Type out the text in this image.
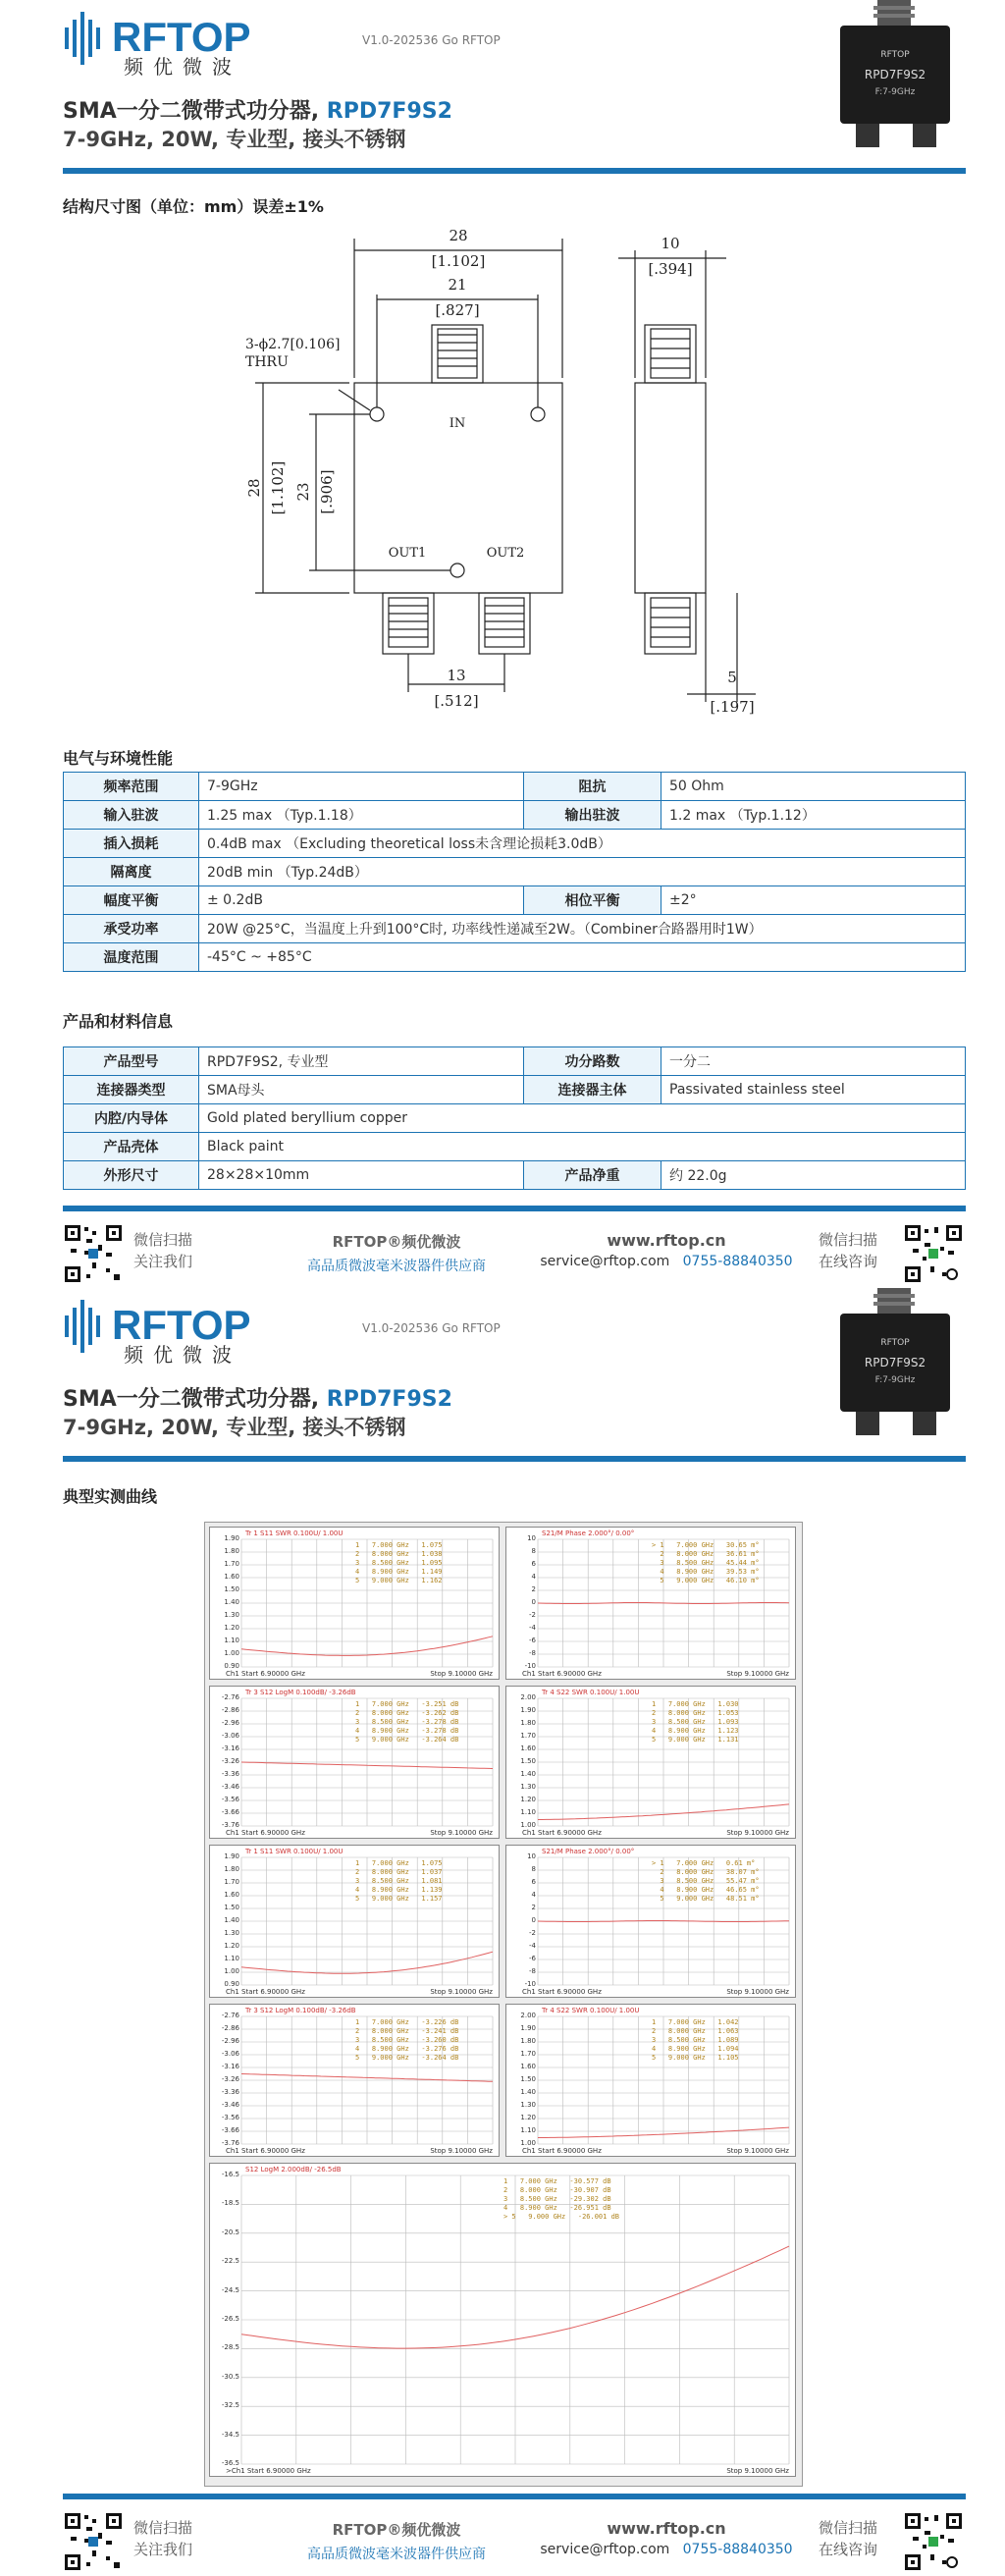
RFTOP
频优微波
V1.0-202536 Go RFTOP
SMA一分二微带式功分器, RPD7F9S2
7-9GHz, 20W, 专业型, 接头不锈钢
RFTOP
RPD7F9S2
F:7-9GHz
结构尺寸图（单位：mm）误差±1%
28
[1.102]
21
[.827]
3-ϕ2.7[0.106]
THRU
IN
OUT1	OUT2
28 [1.102] 23 [.906]
13
[.512]
10
[.394]
5
[.197]
电气与环境性能
频率范围	7-9GHz	阻抗	50 Ohm
输入驻波	1.25 max （Typ.1.18）	输出驻波	1.2 max （Typ.1.12）
插入损耗	0.4dB max （Excluding theoretical loss未含理论损耗3.0dB）		
隔离度	20dB min （Typ.24dB）		
幅度平衡	± 0.2dB	相位平衡	±2°
承受功率	20W @25°C，当温度上升到100°C时, 功率线性递减至2W。（Combiner合路器用时1W）		
温度范围	-45°C ~ +85°C		
产品和材料信息
产品型号	RPD7F9S2, 专业型	功分路数	一分二
连接器类型	SMA母头	连接器主体	Passivated stainless steel
内腔/内导体	Gold plated beryllium copper		
产品壳体	Black paint		
外形尺寸	28×28×10mm	产品净重	约 22.0g
微信扫描
关注我们
RFTOP®频优微波
高品质微波毫米波器件供应商
www.rftop.cn
service@rftop.com 0755-88840350
微信扫描
在线咨询
RFTOP
频优微波
V1.0-202536 Go RFTOP
SMA一分二微带式功分器, RPD7F9S2
7-9GHz, 20W, 专业型, 接头不锈钢
RFTOP
RPD7F9S2
F:7-9GHz
典型实测曲线
1.90
1.80
1.70
1.60
1.50
1.40
1.30
1.20
1.10
1.00
0.90
Tr 1 S11 SWR 0.100U/ 1.00U
1   7.000 GHz   1.075
2   8.000 GHz   1.038
3   8.500 GHz   1.095
4   8.900 GHz   1.149
5   9.000 GHz   1.162
Ch1 Start 6.90000 GHz	Stop 9.10000 GHz
10
8
6
4
2
0
-2
-4
-6
-8
-10
S21/M Phase 2.000°/ 0.00°
> 1   7.000 GHz   30.65 m°
2   8.000 GHz   36.61 m°
3   8.500 GHz   45.44 m°
4   8.900 GHz   39.53 m°
5   9.000 GHz   46.10 m°
Ch1 Start 6.90000 GHz	Stop 9.10000 GHz
-2.76
-2.86
-2.96
-3.06
-3.16
-3.26
-3.36
-3.46
-3.56
-3.66
-3.76
Tr 3 S12 LogM 0.100dB/ -3.26dB
1   7.000 GHz   -3.251 dB
2   8.000 GHz   -3.262 dB
3   8.500 GHz   -3.278 dB
4   8.900 GHz   -3.278 dB
5   9.000 GHz   -3.264 dB
Ch1 Start 6.90000 GHz	Stop 9.10000 GHz
2.00
1.90
1.80
1.70
1.60
1.50
1.40
1.30
1.20
1.10
1.00
Tr 4 S22 SWR 0.100U/ 1.00U
1   7.000 GHz   1.030
2   8.000 GHz   1.053
3   8.500 GHz   1.093
4   8.900 GHz   1.123
5   9.000 GHz   1.131
Ch1 Start 6.90000 GHz	Stop 9.10000 GHz
1.90
1.80
1.70
1.60
1.50
1.40
1.30
1.20
1.10
1.00
0.90
Tr 1 S11 SWR 0.100U/ 1.00U
1   7.000 GHz   1.075
2   8.000 GHz   1.037
3   8.500 GHz   1.081
4   8.900 GHz   1.139
5   9.000 GHz   1.157
Ch1 Start 6.90000 GHz	Stop 9.10000 GHz
10
8
6
4
2
0
-2
-4
-6
-8
-10
S21/M Phase 2.000°/ 0.00°
> 1   7.000 GHz   0.61 m°
2   8.000 GHz   38.07 m°
3   8.500 GHz   55.47 m°
4   8.900 GHz   46.65 m°
5   9.000 GHz   48.51 m°
Ch1 Start 6.90000 GHz	Stop 9.10000 GHz
-2.76
-2.86
-2.96
-3.06
-3.16
-3.26
-3.36
-3.46
-3.56
-3.66
-3.76
Tr 3 S12 LogM 0.100dB/ -3.26dB
1   7.000 GHz   -3.226 dB
2   8.000 GHz   -3.241 dB
3   8.500 GHz   -3.260 dB
4   8.900 GHz   -3.276 dB
5   9.000 GHz   -3.264 dB
Ch1 Start 6.90000 GHz	Stop 9.10000 GHz
2.00
1.90
1.80
1.70
1.60
1.50
1.40
1.30
1.20
1.10
1.00
Tr 4 S22 SWR 0.100U/ 1.00U
1   7.000 GHz   1.042
2   8.000 GHz   1.063
3   8.500 GHz   1.089
4   8.900 GHz   1.094
5   9.000 GHz   1.105
Ch1 Start 6.90000 GHz	Stop 9.10000 GHz
-16.5
-18.5
-20.5
-22.5
-24.5
-26.5
-28.5
-30.5
-32.5
-34.5
-36.5
S12 LogM 2.000dB/ -26.5dB
1   7.000 GHz   -30.577 dB
2   8.000 GHz   -30.907 dB
3   8.500 GHz   -29.302 dB
4   8.900 GHz   -26.951 dB
> 5   9.000 GHz   -26.001 dB
>Ch1 Start 6.90000 GHz	Stop 9.10000 GHz
微信扫描
关注我们
RFTOP®频优微波
高品质微波毫米波器件供应商
www.rftop.cn
service@rftop.com 0755-88840350
微信扫描
在线咨询
